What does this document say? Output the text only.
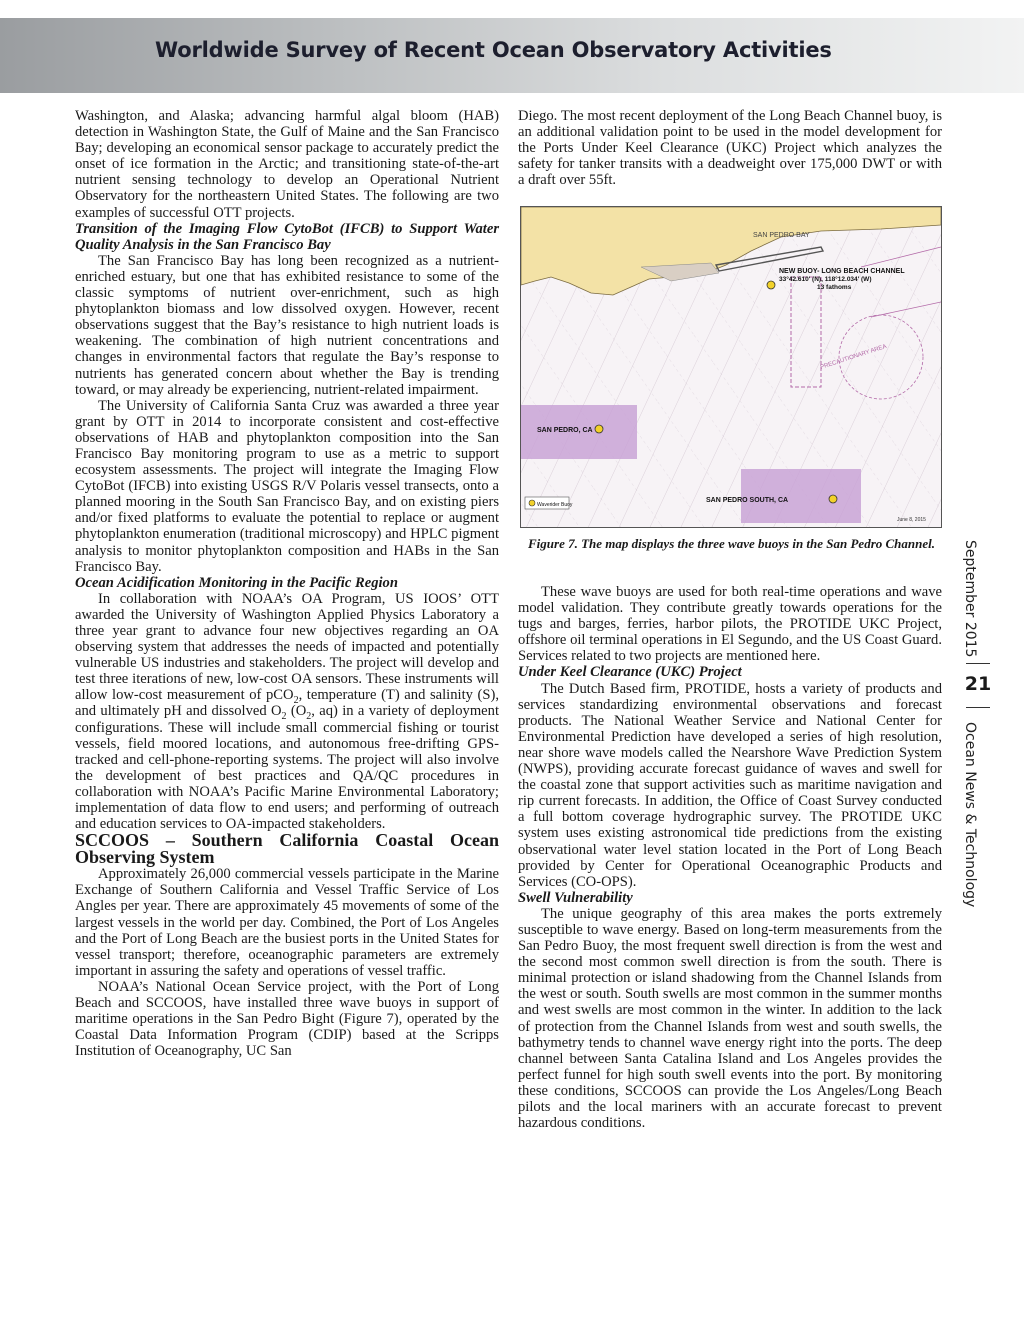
Worldwide Survey of Recent Ocean Observatory Activities

Washington, and Alaska; advancing harmful algal bloom (HAB) detection in Washington State, the Gulf of Maine and the San Francisco Bay; developing an economical sensor package to accurately predict the onset of ice formation in the Arctic; and transitioning state-of-the-art nutrient sensing technology to develop an Operational Nutrient Observatory for the northeastern United States. The following are two examples of successful OTT projects.

Transition of the Imaging Flow CytoBot (IFCB) to Support Water Quality Analysis in the San Francisco Bay

The San Francisco Bay has long been recognized as a nutrient-enriched estuary, but one that has exhibited resistance to some of the classic symptoms of nutrient over-enrichment, such as high phytoplankton biomass and low dissolved oxygen. However, recent observations suggest that the Bay’s resistance to high nutrient loads is weakening. The combination of high nutrient concentrations and changes in environmental factors that regulate the Bay’s response to nutrients has generated concern about whether the Bay is trending toward, or may already be experiencing, nutrient-related impairment.

The University of California Santa Cruz was awarded a three year grant by OTT in 2014 to incorporate consistent and cost-effective observations of HAB and phytoplankton composition into the San Francisco Bay monitoring program to use as a metric to support ecosystem assessments. The project will integrate the Imaging Flow CytoBot (IFCB) into existing USGS R/V Polaris vessel transects, onto a planned mooring in the South San Francisco Bay, and on existing piers and/or fixed platforms to evaluate the potential to replace or augment phytoplankton enumeration (traditional microscopy) and HPLC pigment analysis to monitor phytoplankton composition and HABs in the San Francisco Bay.

Ocean Acidification Monitoring in the Pacific Region

In collaboration with NOAA’s OA Program, US IOOS’ OTT awarded the University of Washington Applied Physics Laboratory a three year grant to advance four new objectives regarding an OA observing system that addresses the needs of impacted and potentially vulnerable US industries and stakeholders. The project will develop and test three iterations of new, low-cost OA sensors. These instruments will allow low-cost measurement of pCO$_2$, temperature (T) and salinity (S), and ultimately pH and dissolved $O_2$ ($O_2$, aq) in a variety of deployment configurations. These will include small commercial fishing or tourist vessels, field moored locations, and autonomous free-drifting GPS-tracked and cell-phone-reporting systems. The project will also involve the development of best practices and QA/QC procedures in collaboration with NOAA’s Pacific Marine Environmental Laboratory; implementation of data flow to end users; and performing of outreach and education services to OA-impacted stakeholders.

SCCOOS – Southern California Coastal Ocean Observing System

Approximately 26,000 commercial vessels participate in the Marine Exchange of Southern California and Vessel Traffic Service of Los Angles per year. There are approximately 45 movements of some of the largest vessels in the world per day. Combined, the Port of Los Angeles and the Port of Long Beach are the busiest ports in the United States for vessel transport; therefore, oceanographic parameters are extremely important in assuring the safety and operations of vessel traffic.

NOAA’s National Ocean Service project, with the Port of Long Beach and SCCOOS, have installed three wave buoys in support of maritime operations in the San Pedro Bight (Figure 7), operated by the Coastal Data Information Program (CDIP) based at the Scripps Institution of Oceanography, UC San

Diego. The most recent deployment of the Long Beach Channel buoy, is an additional validation point to be used in the model development for the Ports Under Keel Clearance (UKC) Project which analyzes the safety for tanker transits with a deadweight over 175,000 DWT or with a draft over 55ft.

SAN PEDRO BAY
PRECAUTIONARY AREA
NEW BUOY- LONG BEACH CHANNEL
33°42.610' (N), 118°12.034' (W)
13 fathoms
SAN PEDRO, CA
SAN PEDRO SOUTH, CA
Waverider Buoy
June 8, 2015
Figure 7. The map displays the three wave buoys in the San Pedro Channel.

These wave buoys are used for both real-time operations and wave model validation. They contribute greatly towards operations for the tugs and barges, ferries, harbor pilots, the PROTIDE UKC Project, offshore oil terminal operations in El Segundo, and the US Coast Guard. Services related to two projects are mentioned here.

Under Keel Clearance (UKC) Project

The Dutch Based firm, PROTIDE, hosts a variety of products and services standardizing environmental observations and forecast products. The National Weather Service and National Center for Environmental Prediction have developed a series of high resolution, near shore wave models called the Nearshore Wave Prediction System (NWPS), providing accurate forecast guidance of waves and swell for the coastal zone that support activities such as maritime navigation and rip current forecasts. In addition, the Office of Coast Survey conducted a full bottom coverage hydrographic survey. The PROTIDE UKC system uses existing astronomical tide predictions from the existing observational water level station located in the Port of Long Beach provided by Center for Operational Oceanographic Products and Services (CO-OPS).

Swell Vulnerability

The unique geography of this area makes the ports extremely susceptible to wave energy. Based on long-term measurements from the San Pedro Buoy, the most frequent swell direction is from the west and the second most common swell direction is from the south. There is minimal protection or island shadowing from the Channel Islands from the west or south. South swells are most common in the summer months and west swells are most common in the winter. In addition to the lack of protection from the Channel Islands from west and south swells, the bathymetry tends to channel wave energy right into the ports. The deep channel between Santa Catalina Island and Los Angeles provides the perfect funnel for high south swell events into the port. By monitoring these conditions, SCCOOS can provide the Los Angeles/Long Beach pilots and the local mariners with an accurate forecast to prevent hazardous conditions.

September 2015
21
Ocean News & Technology
